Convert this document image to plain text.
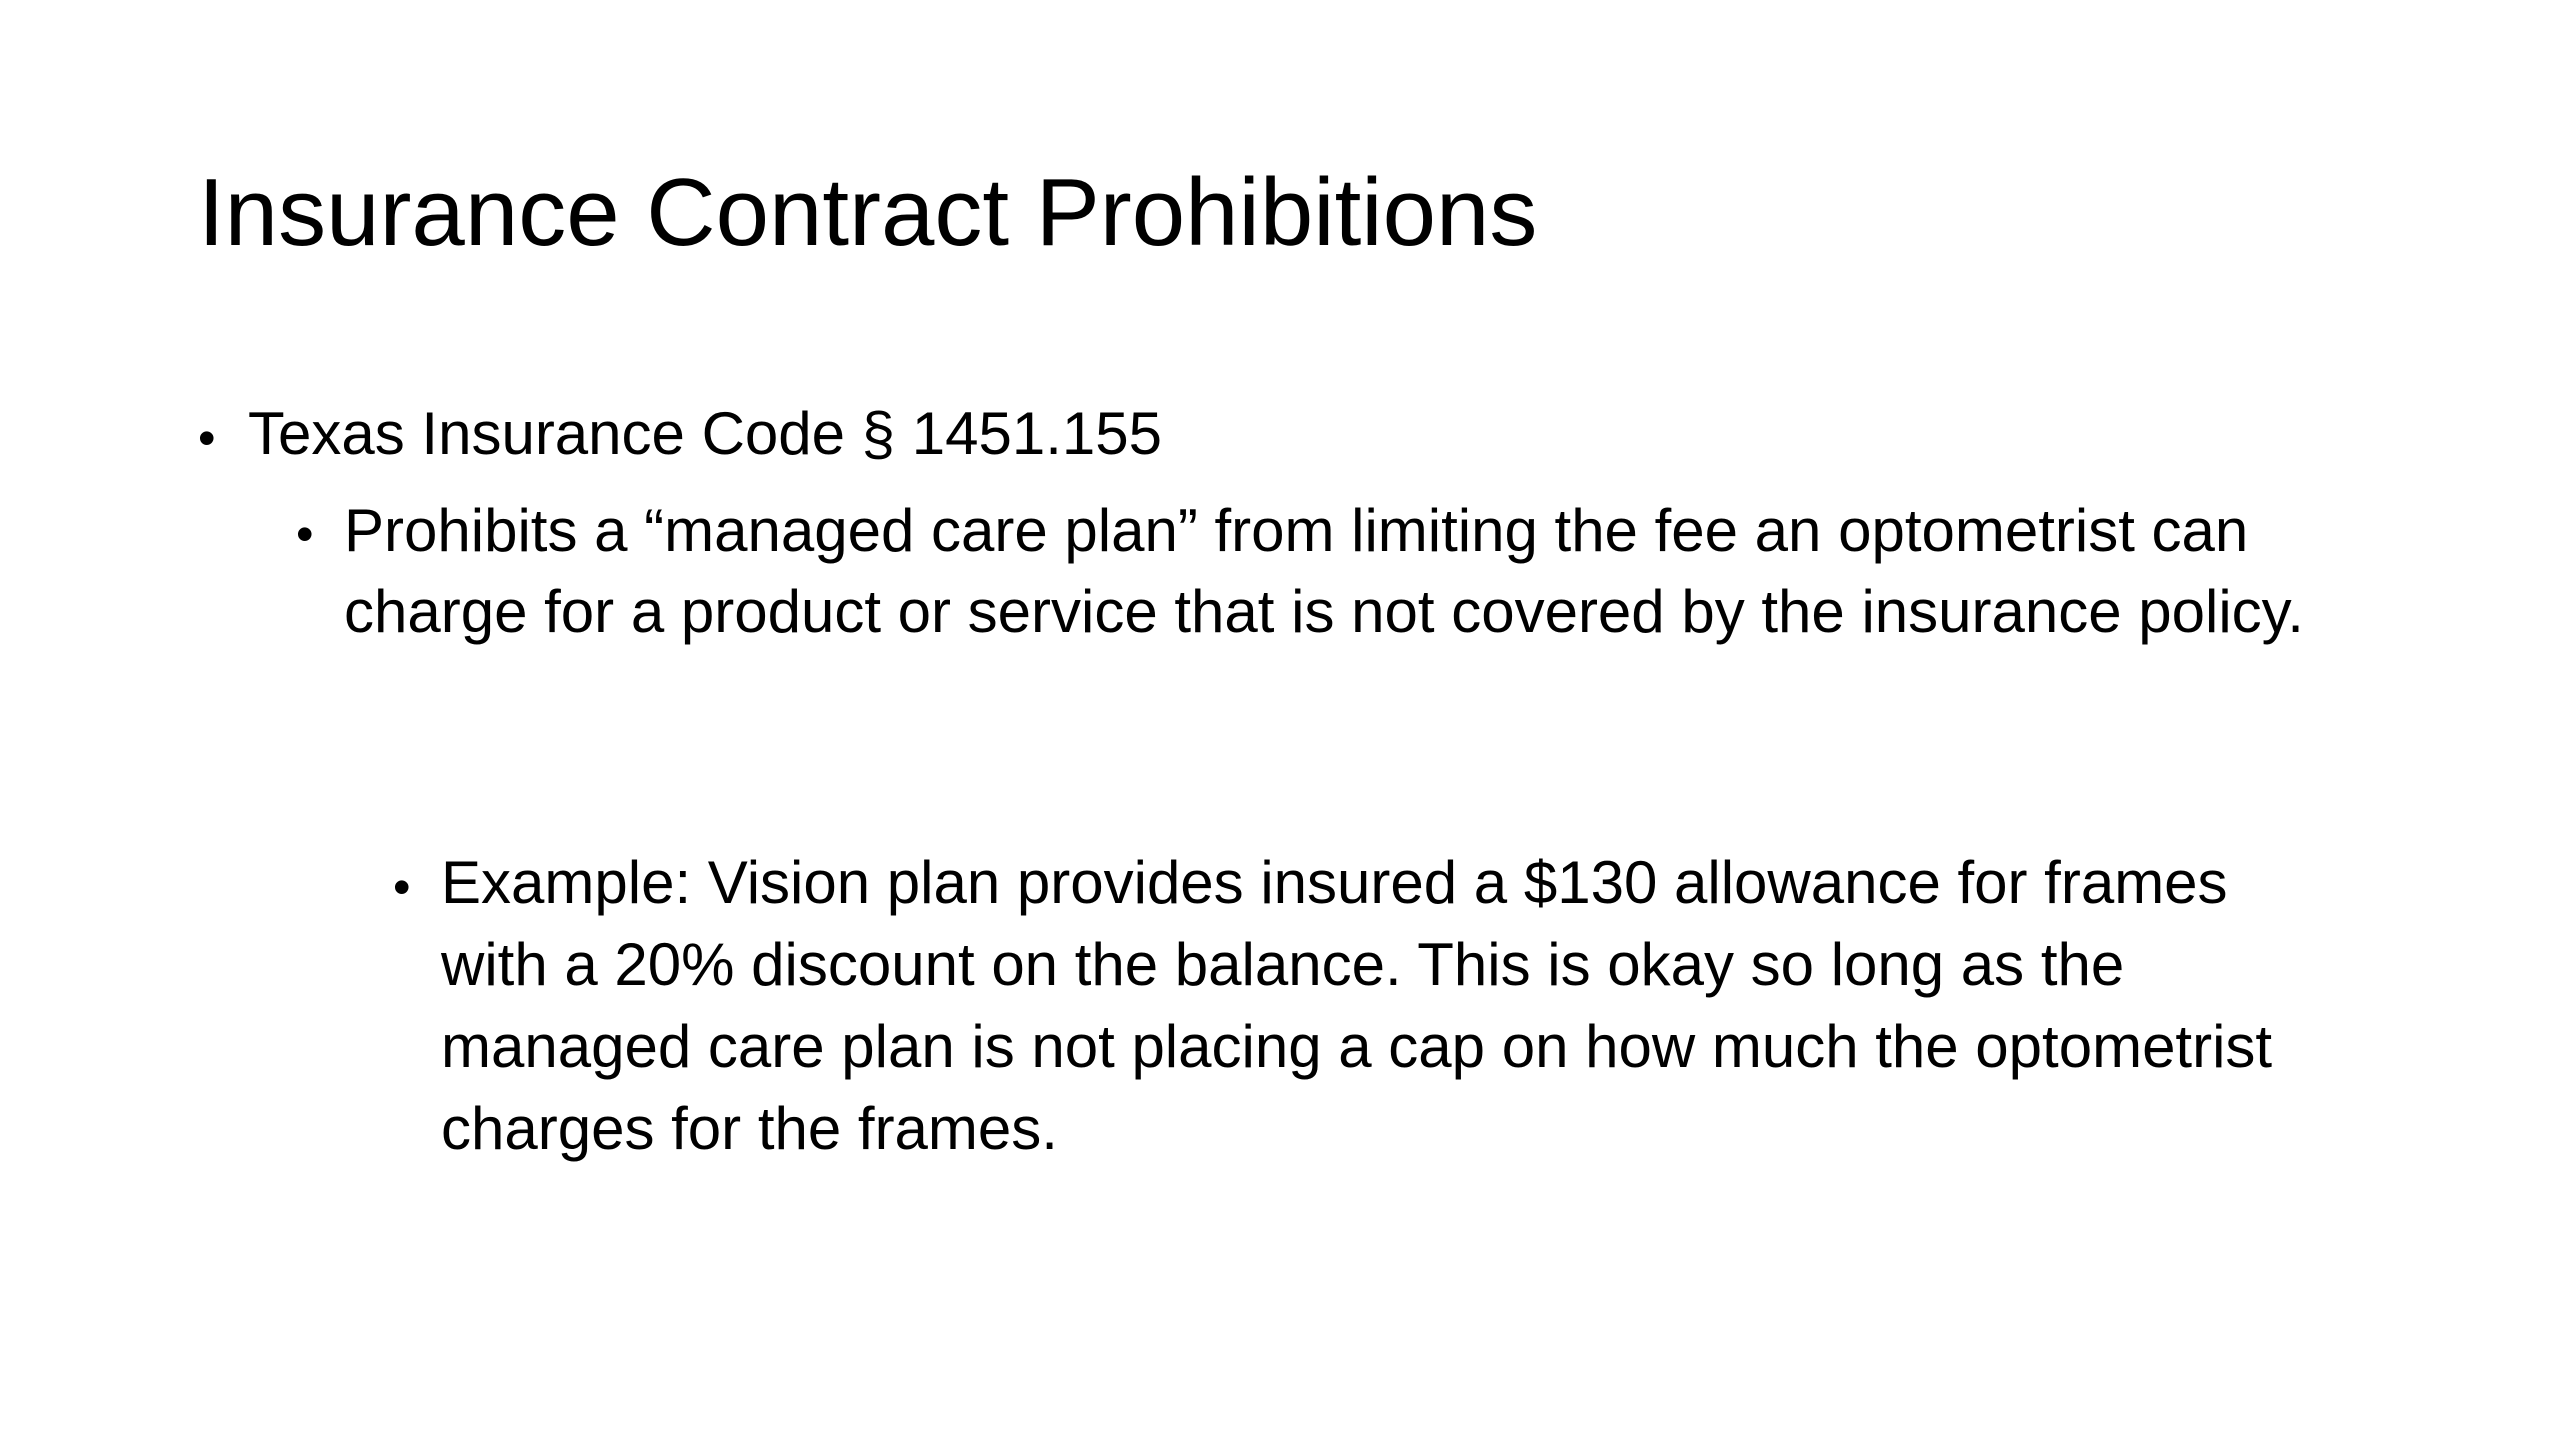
Insurance Contract Prohibitions
• Texas Insurance Code § 1451.155
• Prohibits a “managed care plan” from limiting the fee an optometrist can charge for a product or service that is not covered by the insurance policy.
• Example: Vision plan provides insured a $130 allowance for frames with a 20% discount on the balance. This is okay so long as the managed care plan is not placing a cap on how much the optometrist charges for the frames.
